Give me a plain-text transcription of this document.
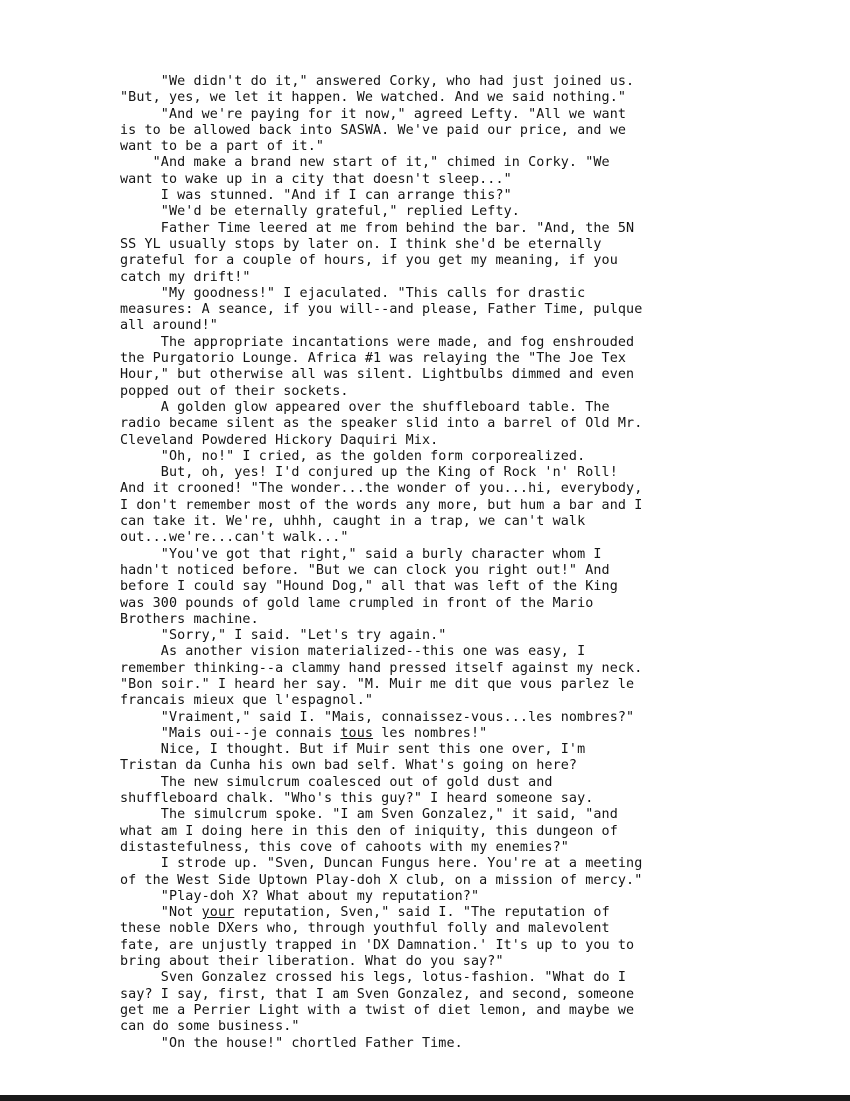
"We didn't do it," answered Corky, who had just joined us.
"But, yes, we let it happen. We watched. And we said nothing."
"And we're paying for it now," agreed Lefty. "All we want
is to be allowed back into SASWA. We've paid our price, and we
want to be a part of it."
"And make a brand new start of it," chimed in Corky. "We
want to wake up in a city that doesn't sleep..."
I was stunned. "And if I can arrange this?"
"We'd be eternally grateful," replied Lefty.
Father Time leered at me from behind the bar. "And, the 5N
SS YL usually stops by later on. I think she'd be eternally
grateful for a couple of hours, if you get my meaning, if you
catch my drift!"
"My goodness!" I ejaculated. "This calls for drastic
measures: A seance, if you will--and please, Father Time, pulque
all around!"
The appropriate incantations were made, and fog enshrouded
the Purgatorio Lounge. Africa #1 was relaying the "The Joe Tex
Hour," but otherwise all was silent. Lightbulbs dimmed and even
popped out of their sockets.
A golden glow appeared over the shuffleboard table. The
radio became silent as the speaker slid into a barrel of Old Mr.
Cleveland Powdered Hickory Daquiri Mix.
"Oh, no!" I cried, as the golden form corporealized.
But, oh, yes! I'd conjured up the King of Rock 'n' Roll!
And it crooned! "The wonder...the wonder of you...hi, everybody,
I don't remember most of the words any more, but hum a bar and I
can take it. We're, uhhh, caught in a trap, we can't walk
out...we're...can't walk..."
"You've got that right," said a burly character whom I
hadn't noticed before. "But we can clock you right out!" And
before I could say "Hound Dog," all that was left of the King
was 300 pounds of gold lame crumpled in front of the Mario
Brothers machine.
"Sorry," I said. "Let's try again."
As another vision materialized--this one was easy, I
remember thinking--a clammy hand pressed itself against my neck.
"Bon soir." I heard her say. "M. Muir me dit que vous parlez le
francais mieux que l'espagnol."
"Vraiment," said I. "Mais, connaissez-vous...les nombres?"
"Mais oui--je connais tous les nombres!"
Nice, I thought. But if Muir sent this one over, I'm
Tristan da Cunha his own bad self. What's going on here?
The new simulcrum coalesced out of gold dust and
shuffleboard chalk. "Who's this guy?" I heard someone say.
The simulcrum spoke. "I am Sven Gonzalez," it said, "and
what am I doing here in this den of iniquity, this dungeon of
distastefulness, this cove of cahoots with my enemies?"
I strode up. "Sven, Duncan Fungus here. You're at a meeting
of the West Side Uptown Play-doh X club, on a mission of mercy."
"Play-doh X? What about my reputation?"
"Not your reputation, Sven," said I. "The reputation of
these noble DXers who, through youthful folly and malevolent
fate, are unjustly trapped in 'DX Damnation.' It's up to you to
bring about their liberation. What do you say?"
Sven Gonzalez crossed his legs, lotus-fashion. "What do I
say? I say, first, that I am Sven Gonzalez, and second, someone
get me a Perrier Light with a twist of diet lemon, and maybe we
can do some business."
"On the house!" chortled Father Time.
